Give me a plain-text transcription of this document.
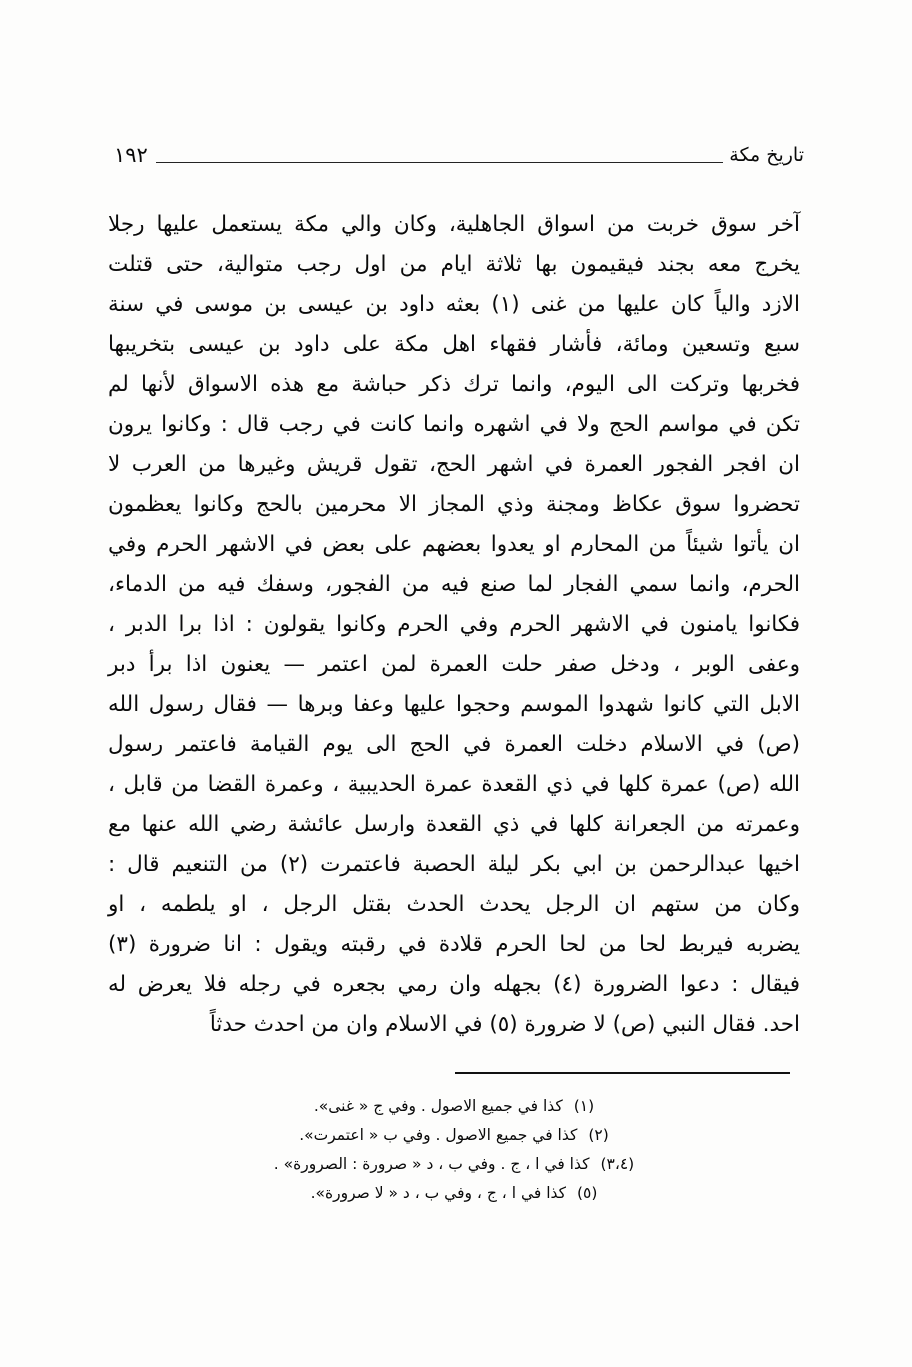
١٩٢	تاريخ مكة
آخر سوق خربت من اسواق الجاهلية، وكان والي مكة يستعمل عليها رجلا
يخرج معه بجند فيقيمون بها ثلاثة ايام من اول رجب متوالية، حتى قتلت
الازد والياً كان عليها من غنى (١) بعثه داود بن عيسى بن موسى في سنة
سبع وتسعين ومائة، فأشار فقهاء اهل مكة على داود بن عيسى بتخريبها
فخربها وتركت الى اليوم، وانما ترك ذكر حباشة مع هذه الاسواق لأنها لم
تكن في مواسم الحج ولا في اشهره وانما كانت في رجب قال : وكانوا يرون
ان افجر الفجور العمرة في اشهر الحج، تقول قريش وغيرها من العرب لا
تحضروا سوق عكاظ ومجنة وذي المجاز الا محرمين بالحج وكانوا يعظمون
ان يأتوا شيئاً من المحارم او يعدوا بعضهم على بعض في الاشهر الحرم وفي
الحرم، وانما سمي الفجار لما صنع فيه من الفجور، وسفك فيه من الدماء،
فكانوا يامنون في الاشهر الحرم وفي الحرم وكانوا يقولون : اذا برا الدبر ،
وعفى الوبر ، ودخل صفر حلت العمرة لمن اعتمر — يعنون اذا برأ دبر
الابل التي كانوا شهدوا الموسم وحجوا عليها وعفا وبرها — فقال رسول الله
(ص) في الاسلام دخلت العمرة في الحج الى يوم القيامة فاعتمر رسول
الله (ص) عمرة كلها في ذي القعدة عمرة الحديبية ، وعمرة القضا من قابل ،
وعمرته من الجعرانة كلها في ذي القعدة وارسل عائشة رضي الله عنها مع
اخيها عبدالرحمن بن ابي بكر ليلة الحصبة فاعتمرت (٢) من التنعيم قال :
وكان من ستهم ان الرجل يحدث الحدث بقتل الرجل ، او يلطمه ، او
يضربه فيربط لحا من لحا الحرم قلادة في رقبته ويقول : انا ضرورة (٣)
فيقال : دعوا الضرورة (٤) بجهله وان رمي بجعره في رجله فلا يعرض له
احد. فقال النبي (ص) لا ضرورة (٥) في الاسلام وان من احدث حدثاً
(١) كذا في جميع الاصول . وفي ج « غنى».
(٢) كذا في جميع الاصول . وفي ب « اعتمرت».
(٣،٤) كذا في ا ، ج . وفي ب ، د « صرورة : الصرورة» .
(٥) كذا في ا ، ج ، وفي ب ، د « لا صرورة».
